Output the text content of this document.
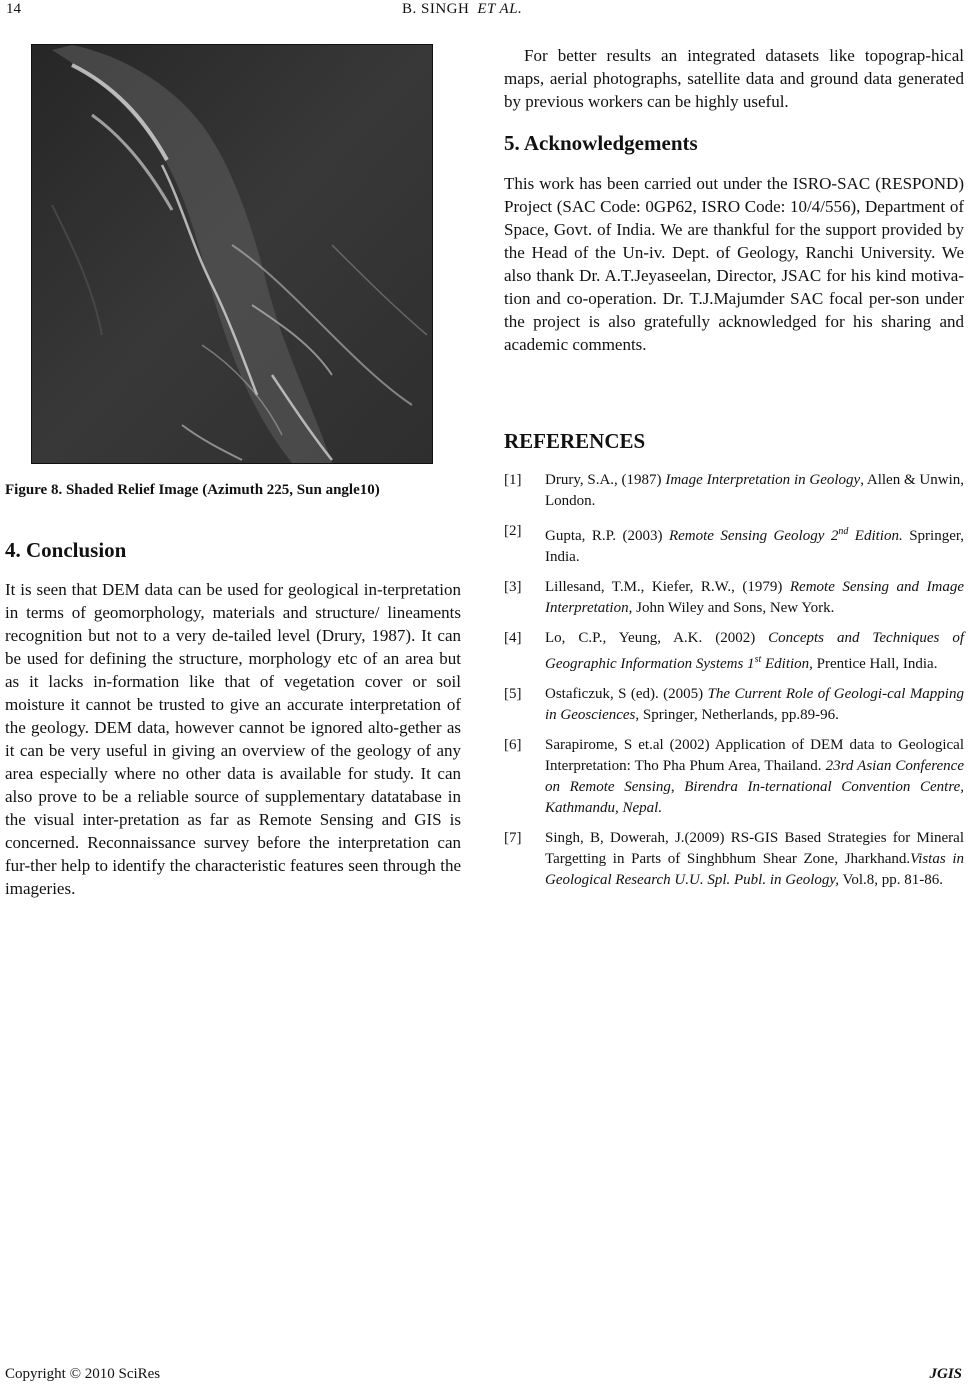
14	B. SINGH ET AL.
Figure 8. Shaded Relief Image (Azimuth 225, Sun angle10)
4. Conclusion
It is seen that DEM data can be used for geological in-terpretation in terms of geomorphology, materials and structure/ lineaments recognition but not to a very de-tailed level (Drury, 1987). It can be used for defining the structure, morphology etc of an area but as it lacks in-formation like that of vegetation cover or soil moisture it cannot be trusted to give an accurate interpretation of the geology. DEM data, however cannot be ignored alto-gether as it can be very useful in giving an overview of the geology of any area especially where no other data is available for study. It can also prove to be a reliable source of supplementary datatabase in the visual inter-pretation as far as Remote Sensing and GIS is concerned. Reconnaissance survey before the interpretation can fur-ther help to identify the characteristic features seen through the imageries.
For better results an integrated datasets like topograp-hical maps, aerial photographs, satellite data and ground data generated by previous workers can be highly useful.
5. Acknowledgements
This work has been carried out under the ISRO-SAC (RESPOND) Project (SAC Code: 0GP62, ISRO Code: 10/4/556), Department of Space, Govt. of India. We are thankful for the support provided by the Head of the Un-iv. Dept. of Geology, Ranchi University. We also thank Dr. A.T.Jeyaseelan, Director, JSAC for his kind motiva-tion and co-operation. Dr. T.J.Majumder SAC focal per-son under the project is also gratefully acknowledged for his sharing and academic comments.
REFERENCES
[1]	Drury, S.A., (1987) Image Interpretation in Geology, Allen & Unwin, London.
[2]	Gupta, R.P. (2003) Remote Sensing Geology 2nd Edition. Springer, India.
[3]	Lillesand, T.M., Kiefer, R.W., (1979) Remote Sensing and Image Interpretation, John Wiley and Sons, New York.
[4]	Lo, C.P., Yeung, A.K. (2002) Concepts and Techniques of Geographic Information Systems 1st Edition, Prentice Hall, India.
[5]	Ostaficzuk, S (ed). (2005) The Current Role of Geologi-cal Mapping in Geosciences, Springer, Netherlands, pp.89-96.
[6]	Sarapirome, S et.al (2002) Application of DEM data to Geological Interpretation: Tho Pha Phum Area, Thailand. 23rd Asian Conference on Remote Sensing, Birendra In-ternational Convention Centre, Kathmandu, Nepal.
[7]	Singh, B, Dowerah, J.(2009) RS-GIS Based Strategies for Mineral Targetting in Parts of Singhbhum Shear Zone, Jharkhand.Vistas in Geological Research U.U. Spl. Publ. in Geology, Vol.8, pp. 81-86.
Copyright © 2010 SciRes	JGIS
